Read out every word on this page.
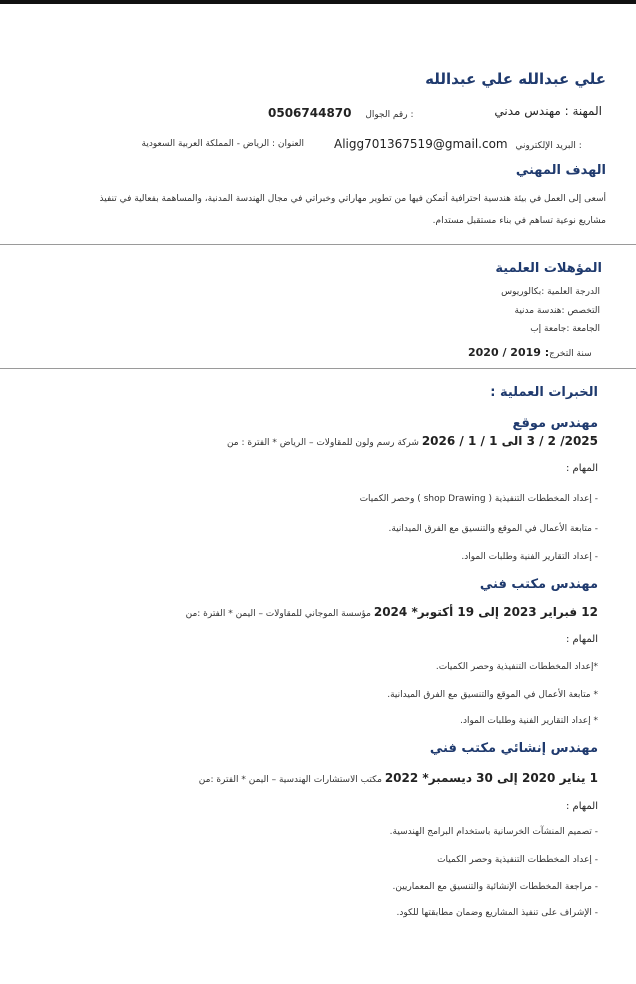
علي عبدالله علي عبدالله
المهنة : مهندس مدني
0506744870 رقم الجوال :
Aligg701367519@gmail.com البريد الإلكتروني :
العنوان : الرياض - المملكة العربية السعودية
الهدف المهني
أسعى إلى العمل في بيئة هندسية احترافية أتمكن فيها من تطوير مهاراتي وخبراتي في مجال الهندسة المدنية، والمساهمة بفعالية في تنفيذ
مشاريع نوعية تساهم في بناء مستقبل مستدام.
المؤهلات العلمية
الدرجة العلمية :بكالوريوس
التخصص :هندسة مدنية
الجامعة :جامعة إب
2020 / 2019 :سنة التخرج
الخبرات العملية :
مهندس موقع
2025/ 2 / 3 الى 1 / 1 / 2026 شركة رسم ولون للمقاولات – الرياض * الفترة : من
المهام :
- إعداد المخططات التنفيذية ( shop Drawing ) وحصر الكميات
- متابعة الأعمال في الموقع والتنسيق مع الفرق الميدانية.
- إعداد التقارير الفنية وطلبات المواد.
مهندس مكتب فني
12 فبراير 2023 إلى 19 أكتوبر* 2024 مؤسسة الموجاني للمقاولات – اليمن * الفترة :من
المهام :
*إعداد المخططات التنفيذية وحصر الكميات.
* متابعة الأعمال في الموقع والتنسيق مع الفرق الميدانية.
* إعداد التقارير الفنية وطلبات المواد.
مهندس إنشائي مكتب فني
1 يناير 2020 إلى 30 ديسمبر* 2022 مكتب الاستشارات الهندسية – اليمن * الفترة :من
المهام :
- تصميم المنشآت الخرسانية باستخدام البرامج الهندسية.
- إعداد المخططات التنفيذية وحصر الكميات
- مراجعة المخططات الإنشائية والتنسيق مع المعماريين.
- الإشراف على تنفيذ المشاريع وضمان مطابقتها للكود.
